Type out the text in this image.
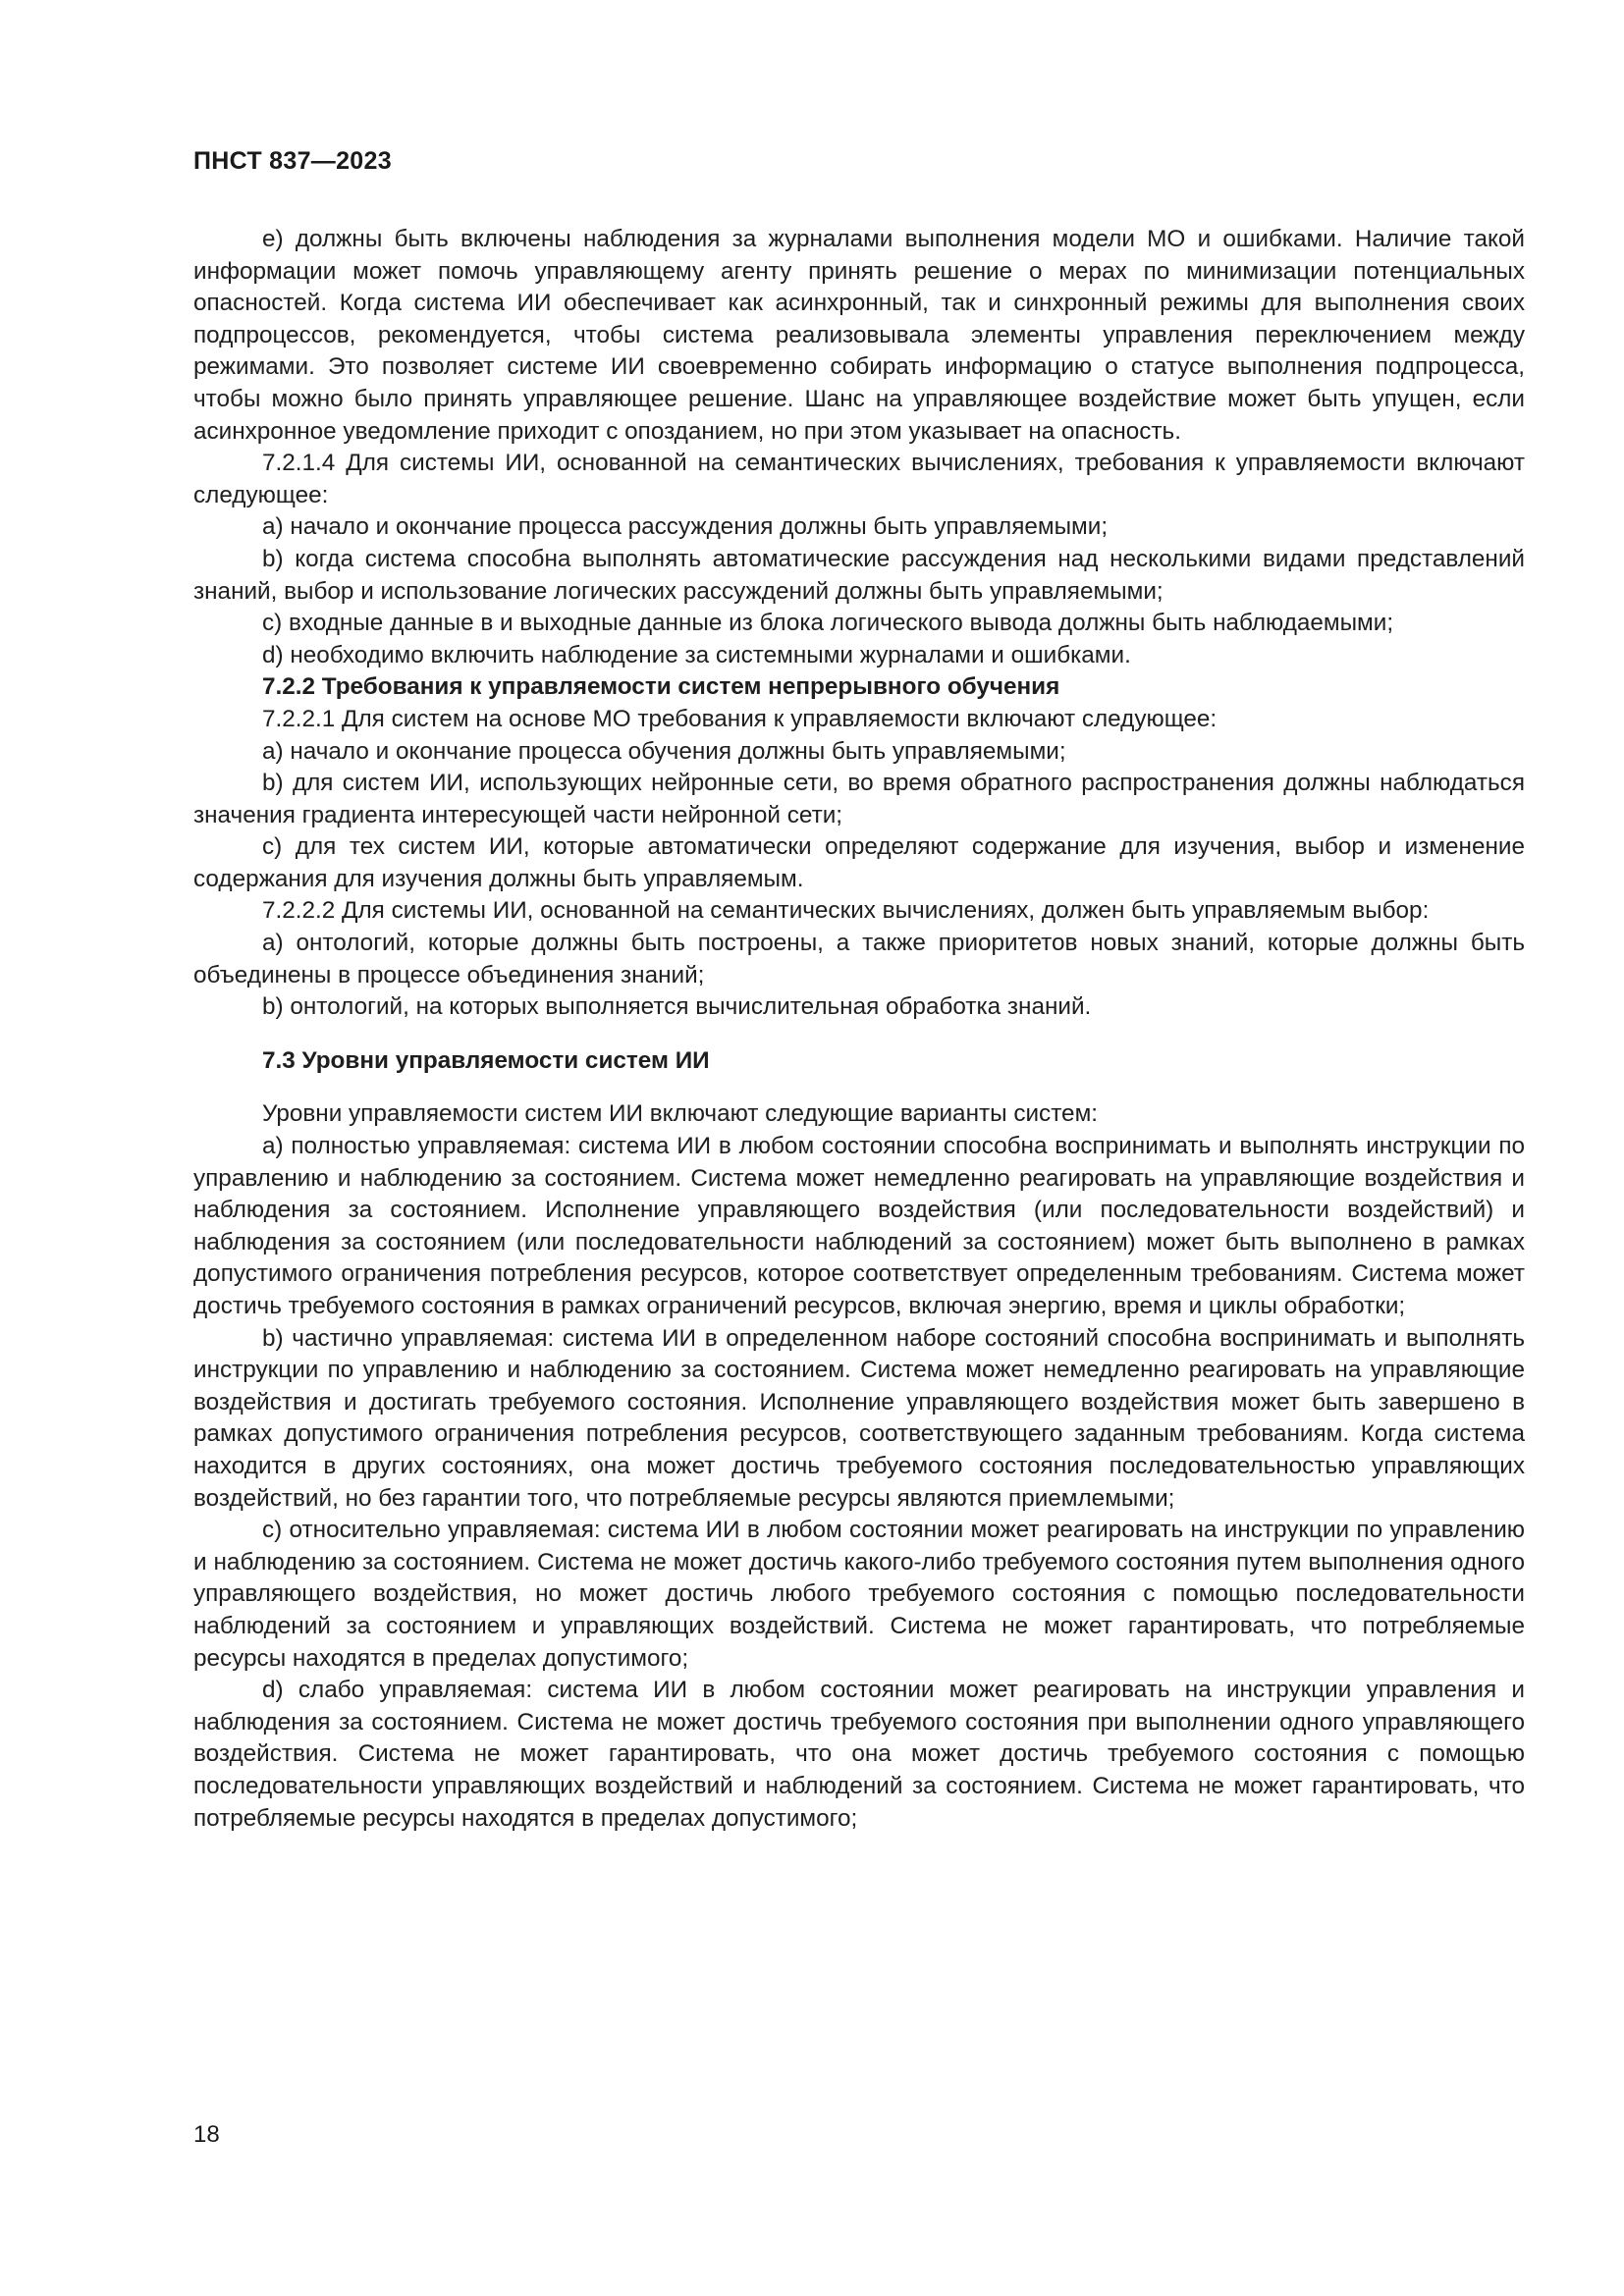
ПНСТ 837—2023

e) должны быть включены наблюдения за журналами выполнения модели МО и ошибками. Наличие такой информации может помочь управляющему агенту принять решение о мерах по минимизации потенциальных опасностей. Когда система ИИ обеспечивает как асинхронный, так и синхронный режимы для выполнения своих подпроцессов, рекомендуется, чтобы система реализовывала элементы управления переключением между режимами. Это позволяет системе ИИ своевременно собирать информацию о статусе выполнения подпроцесса, чтобы можно было принять управляющее решение. Шанс на управляющее воздействие может быть упущен, если асинхронное уведомление приходит с опозданием, но при этом указывает на опасность.

7.2.1.4 Для системы ИИ, основанной на семантических вычислениях, требования к управляемости включают следующее:

a) начало и окончание процесса рассуждения должны быть управляемыми;

b) когда система способна выполнять автоматические рассуждения над несколькими видами представлений знаний, выбор и использование логических рассуждений должны быть управляемыми;

c) входные данные в и выходные данные из блока логического вывода должны быть наблюдаемыми;

d) необходимо включить наблюдение за системными журналами и ошибками.

7.2.2 Требования к управляемости систем непрерывного обучения

7.2.2.1 Для систем на основе МО требования к управляемости включают следующее:

a) начало и окончание процесса обучения должны быть управляемыми;

b) для систем ИИ, использующих нейронные сети, во время обратного распространения должны наблюдаться значения градиента интересующей части нейронной сети;

c) для тех систем ИИ, которые автоматически определяют содержание для изучения, выбор и изменение содержания для изучения должны быть управляемым.

7.2.2.2 Для системы ИИ, основанной на семантических вычислениях, должен быть управляемым выбор:

a) онтологий, которые должны быть построены, а также приоритетов новых знаний, которые должны быть объединены в процессе объединения знаний;

b) онтологий, на которых выполняется вычислительная обработка знаний.

7.3 Уровни управляемости систем ИИ

Уровни управляемости систем ИИ включают следующие варианты систем:

a) полностью управляемая: система ИИ в любом состоянии способна воспринимать и выполнять инструкции по управлению и наблюдению за состоянием. Система может немедленно реагировать на управляющие воздействия и наблюдения за состоянием. Исполнение управляющего воздействия (или последовательности воздействий) и наблюдения за состоянием (или последовательности наблюдений за состоянием) может быть выполнено в рамках допустимого ограничения потребления ресурсов, которое соответствует определенным требованиям. Система может достичь требуемого состояния в рамках ограничений ресурсов, включая энергию, время и циклы обработки;

b) частично управляемая: система ИИ в определенном наборе состояний способна воспринимать и выполнять инструкции по управлению и наблюдению за состоянием. Система может немедленно реагировать на управляющие воздействия и достигать требуемого состояния. Исполнение управляющего воздействия может быть завершено в рамках допустимого ограничения потребления ресурсов, соответствующего заданным требованиям. Когда система находится в других состояниях, она может достичь требуемого состояния последовательностью управляющих воздействий, но без гарантии того, что потребляемые ресурсы являются приемлемыми;

c) относительно управляемая: система ИИ в любом состоянии может реагировать на инструкции по управлению и наблюдению за состоянием. Система не может достичь какого-либо требуемого состояния путем выполнения одного управляющего воздействия, но может достичь любого требуемого состояния с помощью последовательности наблюдений за состоянием и управляющих воздействий. Система не может гарантировать, что потребляемые ресурсы находятся в пределах допустимого;

d) слабо управляемая: система ИИ в любом состоянии может реагировать на инструкции управления и наблюдения за состоянием. Система не может достичь требуемого состояния при выполнении одного управляющего воздействия. Система не может гарантировать, что она может достичь требуемого состояния с помощью последовательности управляющих воздействий и наблюдений за состоянием. Система не может гарантировать, что потребляемые ресурсы находятся в пределах допустимого;

18
